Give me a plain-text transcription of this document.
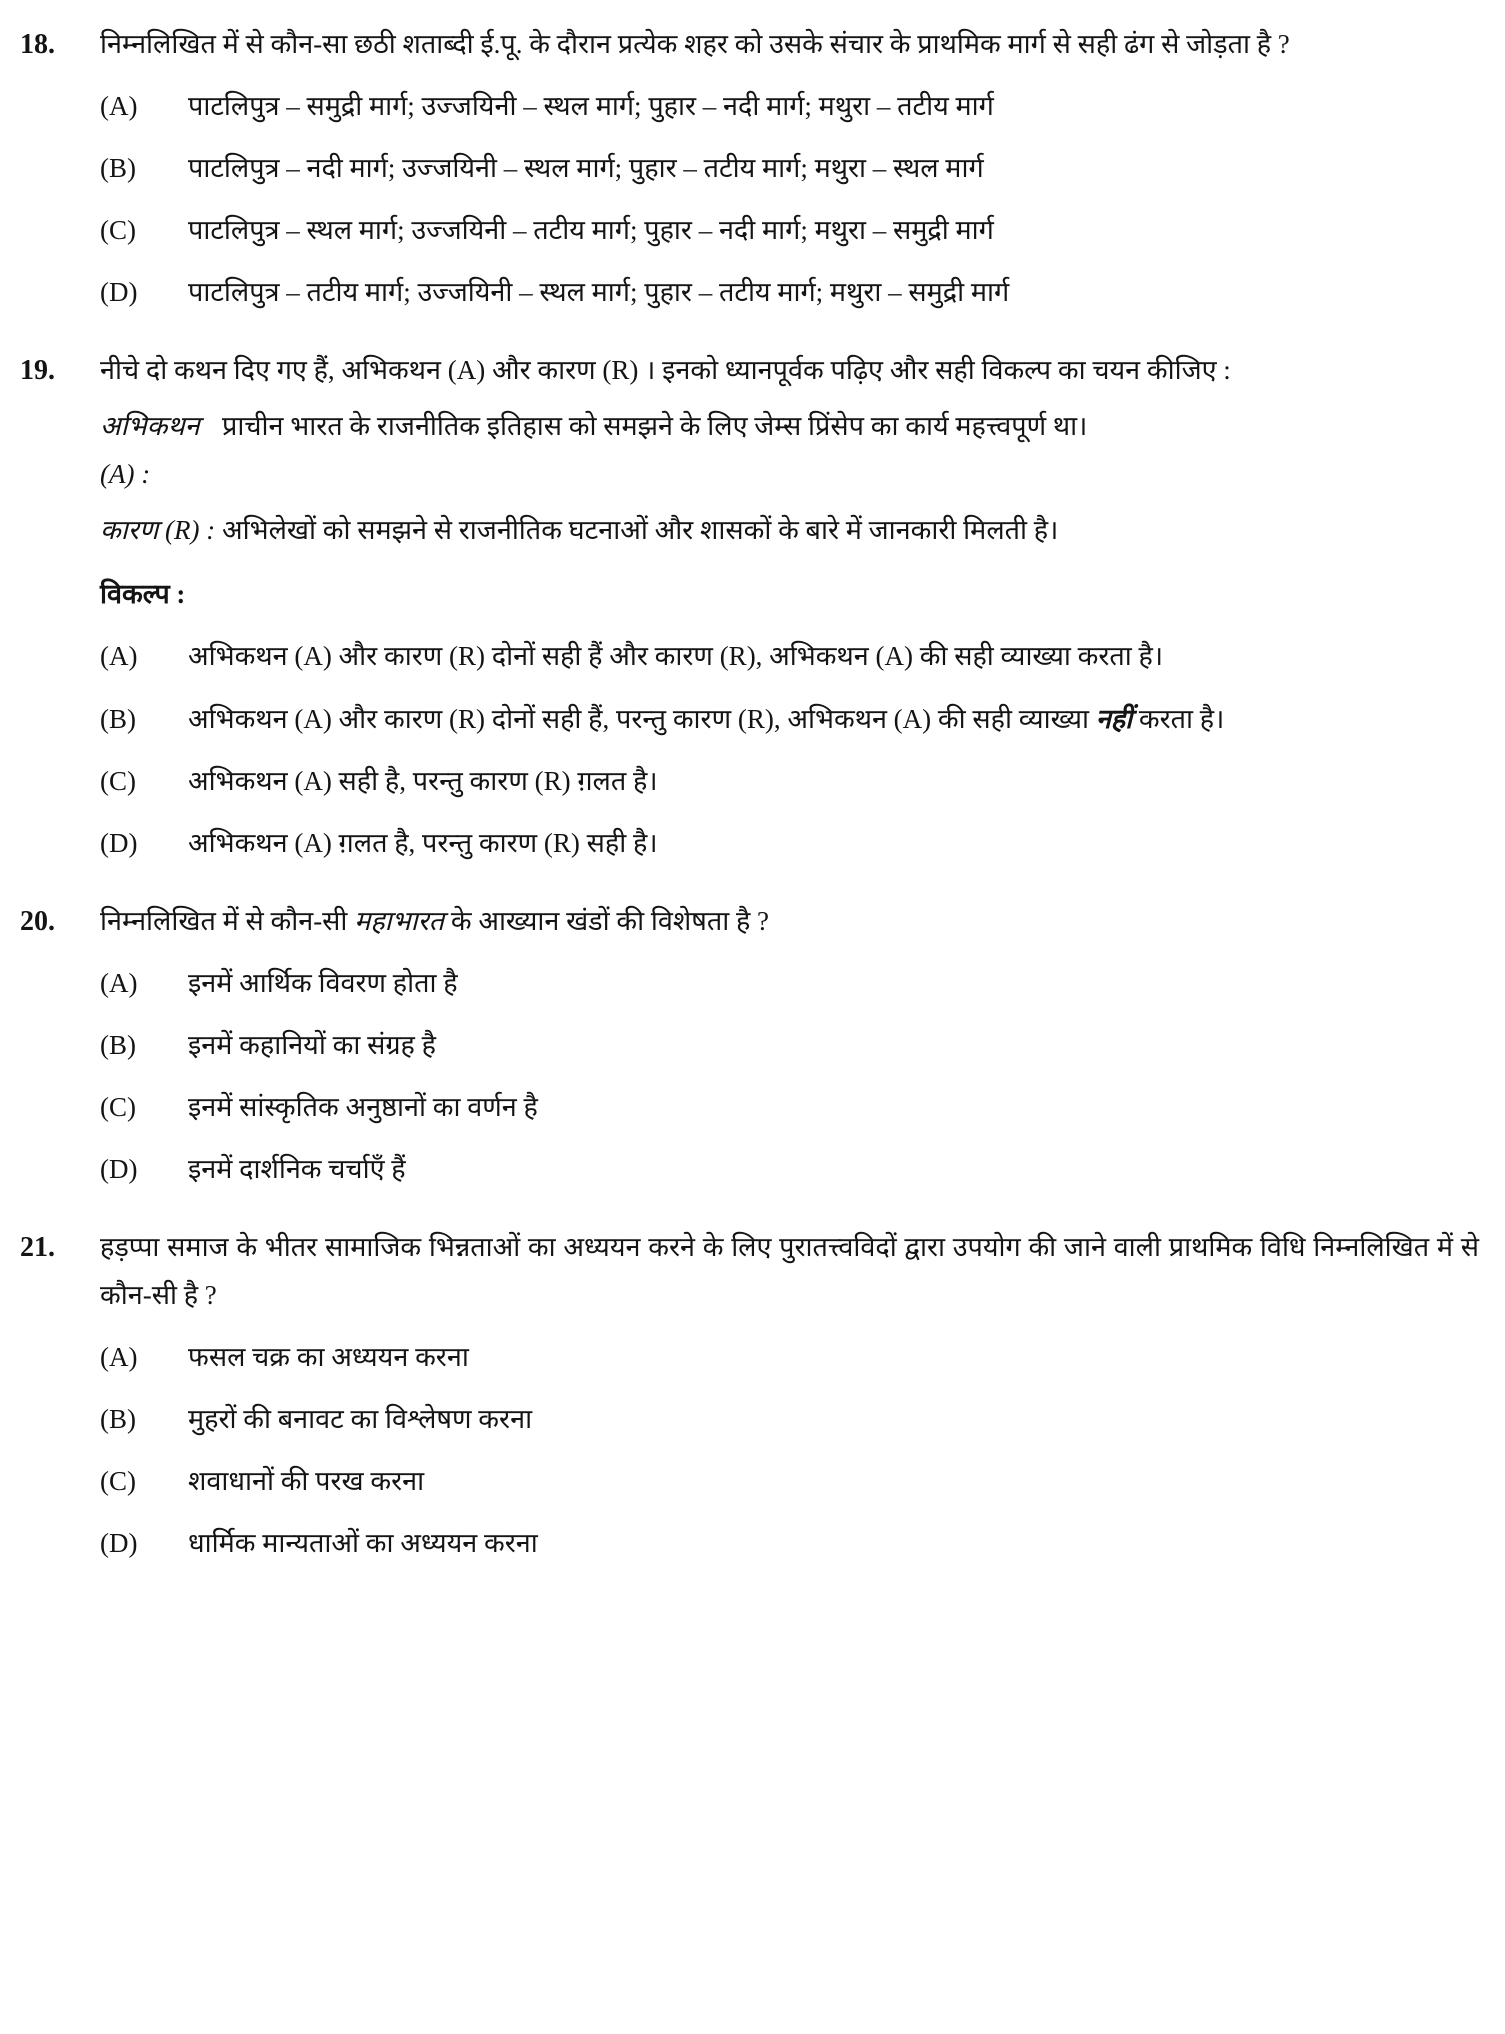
18.	निम्नलिखित में से कौन-सा छठी शताब्दी ई.पू. के दौरान प्रत्येक शहर को उसके संचार के प्राथमिक मार्ग से सही ढंग से जोड़ता है ?

(A)	पाटलिपुत्र – समुद्री मार्ग; उज्जयिनी – स्थल मार्ग; पुहार – नदी मार्ग; मथुरा – तटीय मार्ग
(B)	पाटलिपुत्र – नदी मार्ग; उज्जयिनी – स्थल मार्ग; पुहार – तटीय मार्ग; मथुरा – स्थल मार्ग
(C)	पाटलिपुत्र – स्थल मार्ग; उज्जयिनी – तटीय मार्ग; पुहार – नदी मार्ग; मथुरा – समुद्री मार्ग
(D)	पाटलिपुत्र – तटीय मार्ग; उज्जयिनी – स्थल मार्ग; पुहार – तटीय मार्ग; मथुरा – समुद्री मार्ग
19.	नीचे दो कथन दिए गए हैं, अभिकथन (A) और कारण (R) । इनको ध्यानपूर्वक पढ़िए और सही विकल्प का चयन कीजिए :

अभिकथन (A) :
प्राचीन भारत के राजनीतिक इतिहास को समझने के लिए जेम्स प्रिंसेप का कार्य महत्त्वपूर्ण था।
कारण (R) : अभिलेखों को समझने से राजनीतिक घटनाओं और शासकों के बारे में जानकारी मिलती है।

विकल्प :

(A)	अभिकथन (A) और कारण (R) दोनों सही हैं और कारण (R), अभिकथन (A) की सही व्याख्या करता है।
(B)	अभिकथन (A) और कारण (R) दोनों सही हैं, परन्तु कारण (R), अभिकथन (A) की सही व्याख्या नहीं करता है।
(C)	अभिकथन (A) सही है, परन्तु कारण (R) ग़लत है।
(D)	अभिकथन (A) ग़लत है, परन्तु कारण (R) सही है।
20.	निम्नलिखित में से कौन-सी महाभारत के आख्यान खंडों की विशेषता है ?

(A)	इनमें आर्थिक विवरण होता है
(B)	इनमें कहानियों का संग्रह है
(C)	इनमें सांस्कृतिक अनुष्ठानों का वर्णन है
(D)	इनमें दार्शनिक चर्चाएँ हैं
21.	हड़प्पा समाज के भीतर सामाजिक भिन्नताओं का अध्ययन करने के लिए पुरातत्त्वविदों द्वारा उपयोग की जाने वाली प्राथमिक विधि निम्नलिखित में से कौन-सी है ?

(A)	फसल चक्र का अध्ययन करना
(B)	मुहरों की बनावट का विश्लेषण करना
(C)	शवाधानों की परख करना
(D)	धार्मिक मान्यताओं का अध्ययन करना
